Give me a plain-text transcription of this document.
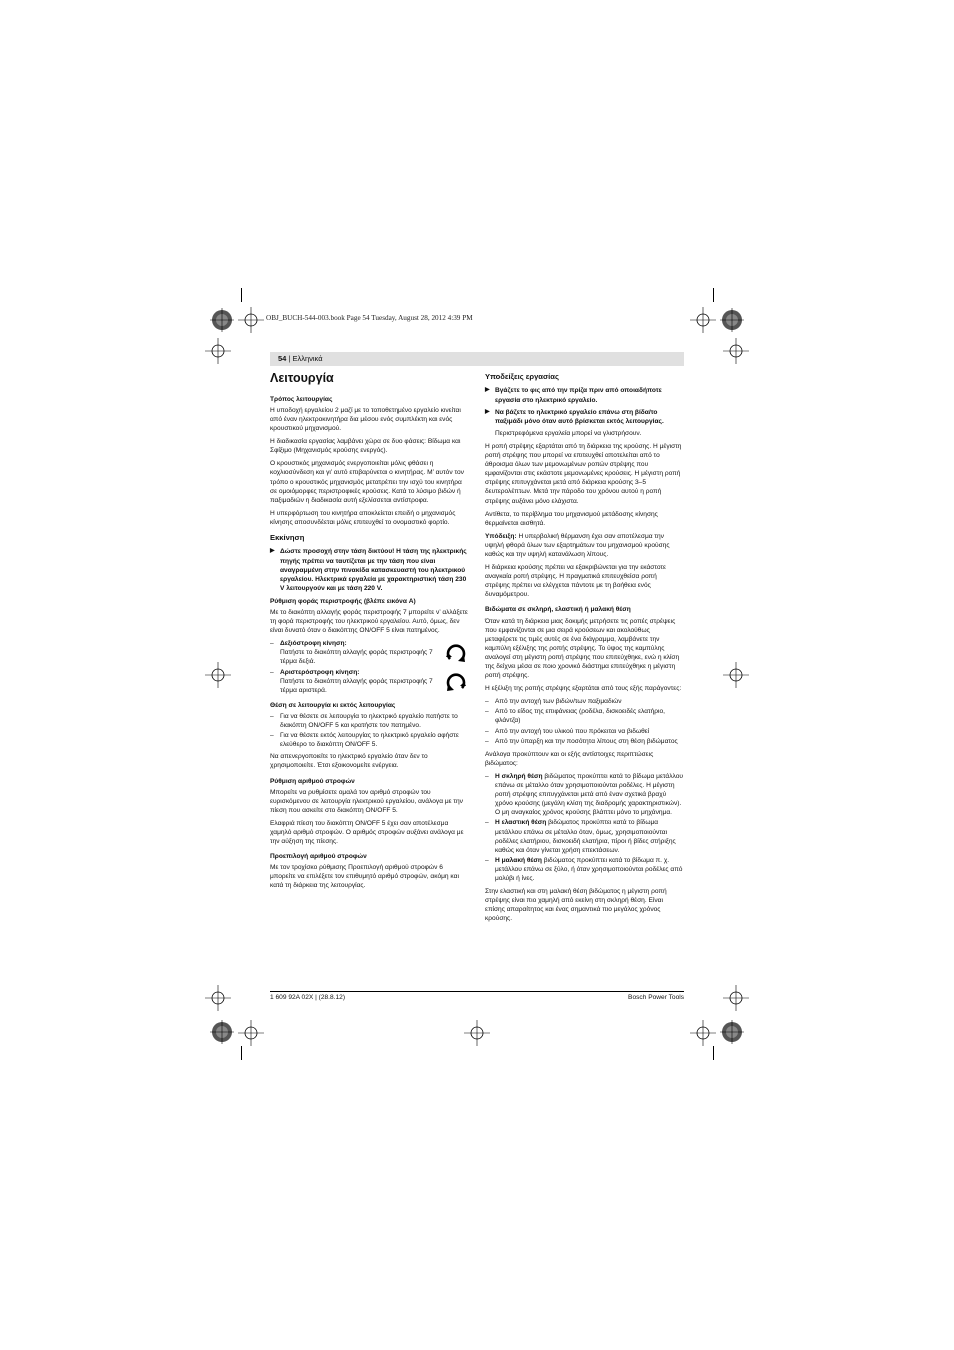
OBJ_BUCH-544-003.book Page 54 Tuesday, August 28, 2012 4:39 PM
54 | Ελληνικά
Λειτουργία
Τρόπος λειτουργίας

Η υποδοχή εργαλείου 2 μαζί με το τοποθετημένο εργαλείο κινείται από έναν ηλεκτροκινητήρα δια μέσου ενός συμπλέκτη και ενός κρουστικού μηχανισμού.

Η διαδικασία εργασίας λαμβάνει χώρα σε δυο φάσεις: Βίδωμα και Σφίξιμο (Μηχανισμός κρούσης ενεργός).

Ο κρουστικός μηχανισμός ενεργοποιείται μόλις φθάσει η κοχλιοσύνδεση και γι’ αυτό επιβαρύνεται ο κινητήρας. Μ’ αυτόν τον τρόπο ο κρουστικός μηχανισμός μετατρέπει την ισχύ του κινητήρα σε ομοιόμορφες περιστροφικές κρούσεις. Κατά το λύσιμο βιδών ή παξιμαδιών η διαδικασία αυτή εξελίσσεται αντίστροφα.

Η υπερφόρτωση του κινητήρα αποκλείεται επειδή ο μηχανισμός κίνησης αποσυνδέεται μόλις επιτευχθεί το ονομαστικό φορτίο.

Εκκίνηση
▶ Δώστε προσοχή στην τάση δικτύου! Η τάση της ηλεκτρικής πηγής πρέπει να ταυτίζεται με την τάση που είναι αναγραμμένη στην πινακίδα κατασκευαστή του ηλεκτρικού εργαλείου. Ηλεκτρικά εργαλεία με χαρακτηριστική τάση 230 V λειτουργούν και με τάση 220 V.
Ρύθμιση φοράς περιστροφής (βλέπε εικόνα A)

Με το διακόπτη αλλαγής φοράς περιστροφής 7 μπορείτε ν’ αλλάξετε τη φορά περιστροφής του ηλεκτρικού εργαλείου. Αυτό, όμως, δεν είναι δυνατό όταν ο διακόπτης ON/OFF 5 είναι πατημένος.

– Δεξιόστροφη κίνηση:
Πατήστε το διακόπτη αλλαγής φοράς περιστροφής 7 τέρμα δεξιά.
– Αριστερόστροφη κίνηση:
Πατήστε το διακόπτη αλλαγής φοράς περιστροφής 7 τέρμα αριστερά.
Θέση σε λειτουργία κι εκτός λειτουργίας
– Για να θέσετε σε λειτουργία το ηλεκτρικό εργαλείο πατήστε το διακόπτη ON/OFF 5 και κρατήστε τον πατημένο.
– Για να θέσετε εκτός λειτουργίας το ηλεκτρικό εργαλείο αφήστε ελεύθερο το διακόπτη ON/OFF 5.

Να απενεργοποιείτε το ηλεκτρικό εργαλείο όταν δεν το χρησιμοποιείτε. Έτσι εξοικονομείτε ενέργεια.

Ρύθμιση αριθμού στροφών

Μπορείτε να ρυθμίσετε ομαλά τον αριθμό στροφών του ευρισκόμενου σε λειτουργία ηλεκτρικού εργαλείου, ανάλογα με την πίεση που ασκείτε στο διακόπτη ON/OFF 5.

Ελαφριά πίεση του διακόπτη ON/OFF 5 έχει σαν αποτέλεσμα χαμηλό αριθμό στροφών. Ο αριθμός στροφών αυξάνει ανάλογα με την αύξηση της πίεσης.

Προεπιλογή αριθμού στροφών

Με τον τροχίσκο ρύθμισης Προεπιλογή αριθμού στροφών 6 μπορείτε να επιλέξετε τον επιθυμητό αριθμό στροφών, ακόμη και κατά τη διάρκεια της λειτουργίας.

Υποδείξεις εργασίας
▶ Βγάζετε το φις από την πρίζα πριν από οποιαδήποτε εργασία στο ηλεκτρικό εργαλείο.
▶ Να βάζετε το ηλεκτρικό εργαλείο επάνω στη βίδα/το παξιμάδι μόνο όταν αυτό βρίσκεται εκτός λειτουργίας.
Περιστρεφόμενα εργαλεία μπορεί να γλιστρήσουν.

Η ροπή στρέψης εξαρτάται από τη διάρκεια της κρούσης. Η μέγιστη ροπή στρέψης που μπορεί να επιτευχθεί αποτελείται από το άθροισμα όλων των μεμονωμένων ροπών στρέψης που εμφανίζονται στις εκάστοτε μεμονωμένες κρούσεις. Η μέγιστη ροπή στρέψης επιτυγχάνεται μετά από διάρκεια κρούσης 3–5 δευτερολέπτων. Μετά την πάροδο του χρόνου αυτού η ροπή στρέψης αυξάνει μόνο ελάχιστα.

Αντίθετα, το περίβλημα του μηχανισμού μετάδοσης κίνησης θερμαίνεται αισθητά.

Υπόδειξη: Η υπερβολική θέρμανση έχει σαν αποτέλεσμα την υψηλή φθορά όλων των εξαρτημάτων του μηχανισμού κρούσης καθώς και την υψηλή κατανάλωση λίπους.

Η διάρκεια κρούσης πρέπει να εξακριβώνεται για την εκάστοτε αναγκαία ροπή στρέψης. Η πραγματικά επιτευχθείσα ροπή στρέψης πρέπει να ελέγχεται πάντοτε με τη βοήθεια ενός δυναμόμετρου.

Βιδώματα σε σκληρή, ελαστική ή μαλακή θέση

Όταν κατά τη διάρκεια μιας δοκιμής μετρήσετε τις ροπές στρέψεις που εμφανίζονται σε μια σειρά κρούσεων και ακολούθως μεταφέρετε τις τιμές αυτές σε ένα διάγραμμα, λαμβάνετε την καμπύλη εξέλιξης της ροπής στρέψης. Το ύψος της καμπύλης αναλογεί στη μέγιστη ροπή στρέψης που επιτεύχθηκε, ενώ η κλίση της δείχνει μέσα σε ποιο χρονικό διάστημα επιτεύχθηκε η μέγιστη ροπή στρέψης.

Η εξέλιξη της ροπής στρέψης εξαρτάται από τους εξής παράγοντες:

– Από την αντοχή των βιδών/των παξιμαδιών
– Από το είδος της επιφάνειας (ροδέλα, δισκοειδές ελατήριο, φλάντζα)
– Από την αντοχή του υλικού που πρόκειται να βιδωθεί
– Από την ύπαρξη και την ποσότητα λίπους στη θέση βιδώματος

Ανάλογα προκύπτουν και οι εξής αντίστοιχες περιπτώσεις βιδώματος:

– Η σκληρή θέση βιδώματος προκύπτει κατά το βίδωμα μετάλλου επάνω σε μέταλλο όταν χρησιμοποιούνται ροδέλες. Η μέγιστη ροπή στρέψης επιτυγχάνεται μετά από έναν σχετικά βραχύ χρόνο κρούσης (μεγάλη κλίση της διαδρομής χαρακτηριστικών). Ο μη αναγκαίος χρόνος κρούσης βλάπτει μόνο το μηχάνημα.
– Η ελαστική θέση βιδώματος προκύπτει κατά το βίδωμα μετάλλου επάνω σε μέταλλο όταν, όμως, χρησιμοποιούνται ροδέλες ελατήριου, δισκοειδή ελατήρια, πίροι ή βίδες στήριξης καθώς και όταν γίνεται χρήση επεκτάσεων.
– Η μαλακή θέση βιδώματος προκύπτει κατά το βίδωμα π. χ. μετάλλου επάνω σε ξύλο, ή όταν χρησιμοποιούνται ροδέλες από μολύβι ή ίνες.

Στην ελαστική και στη μαλακή θέση βιδώματος η μέγιστη ροπή στρέψης είναι πιο χαμηλή από εκείνη στη σκληρή θέση. Είναι επίσης απαραίτητος και ένας σημαντικά πιο μεγάλος χρόνος κρούσης.

1 609 92A 02X | (28.8.12)	Bosch Power Tools
